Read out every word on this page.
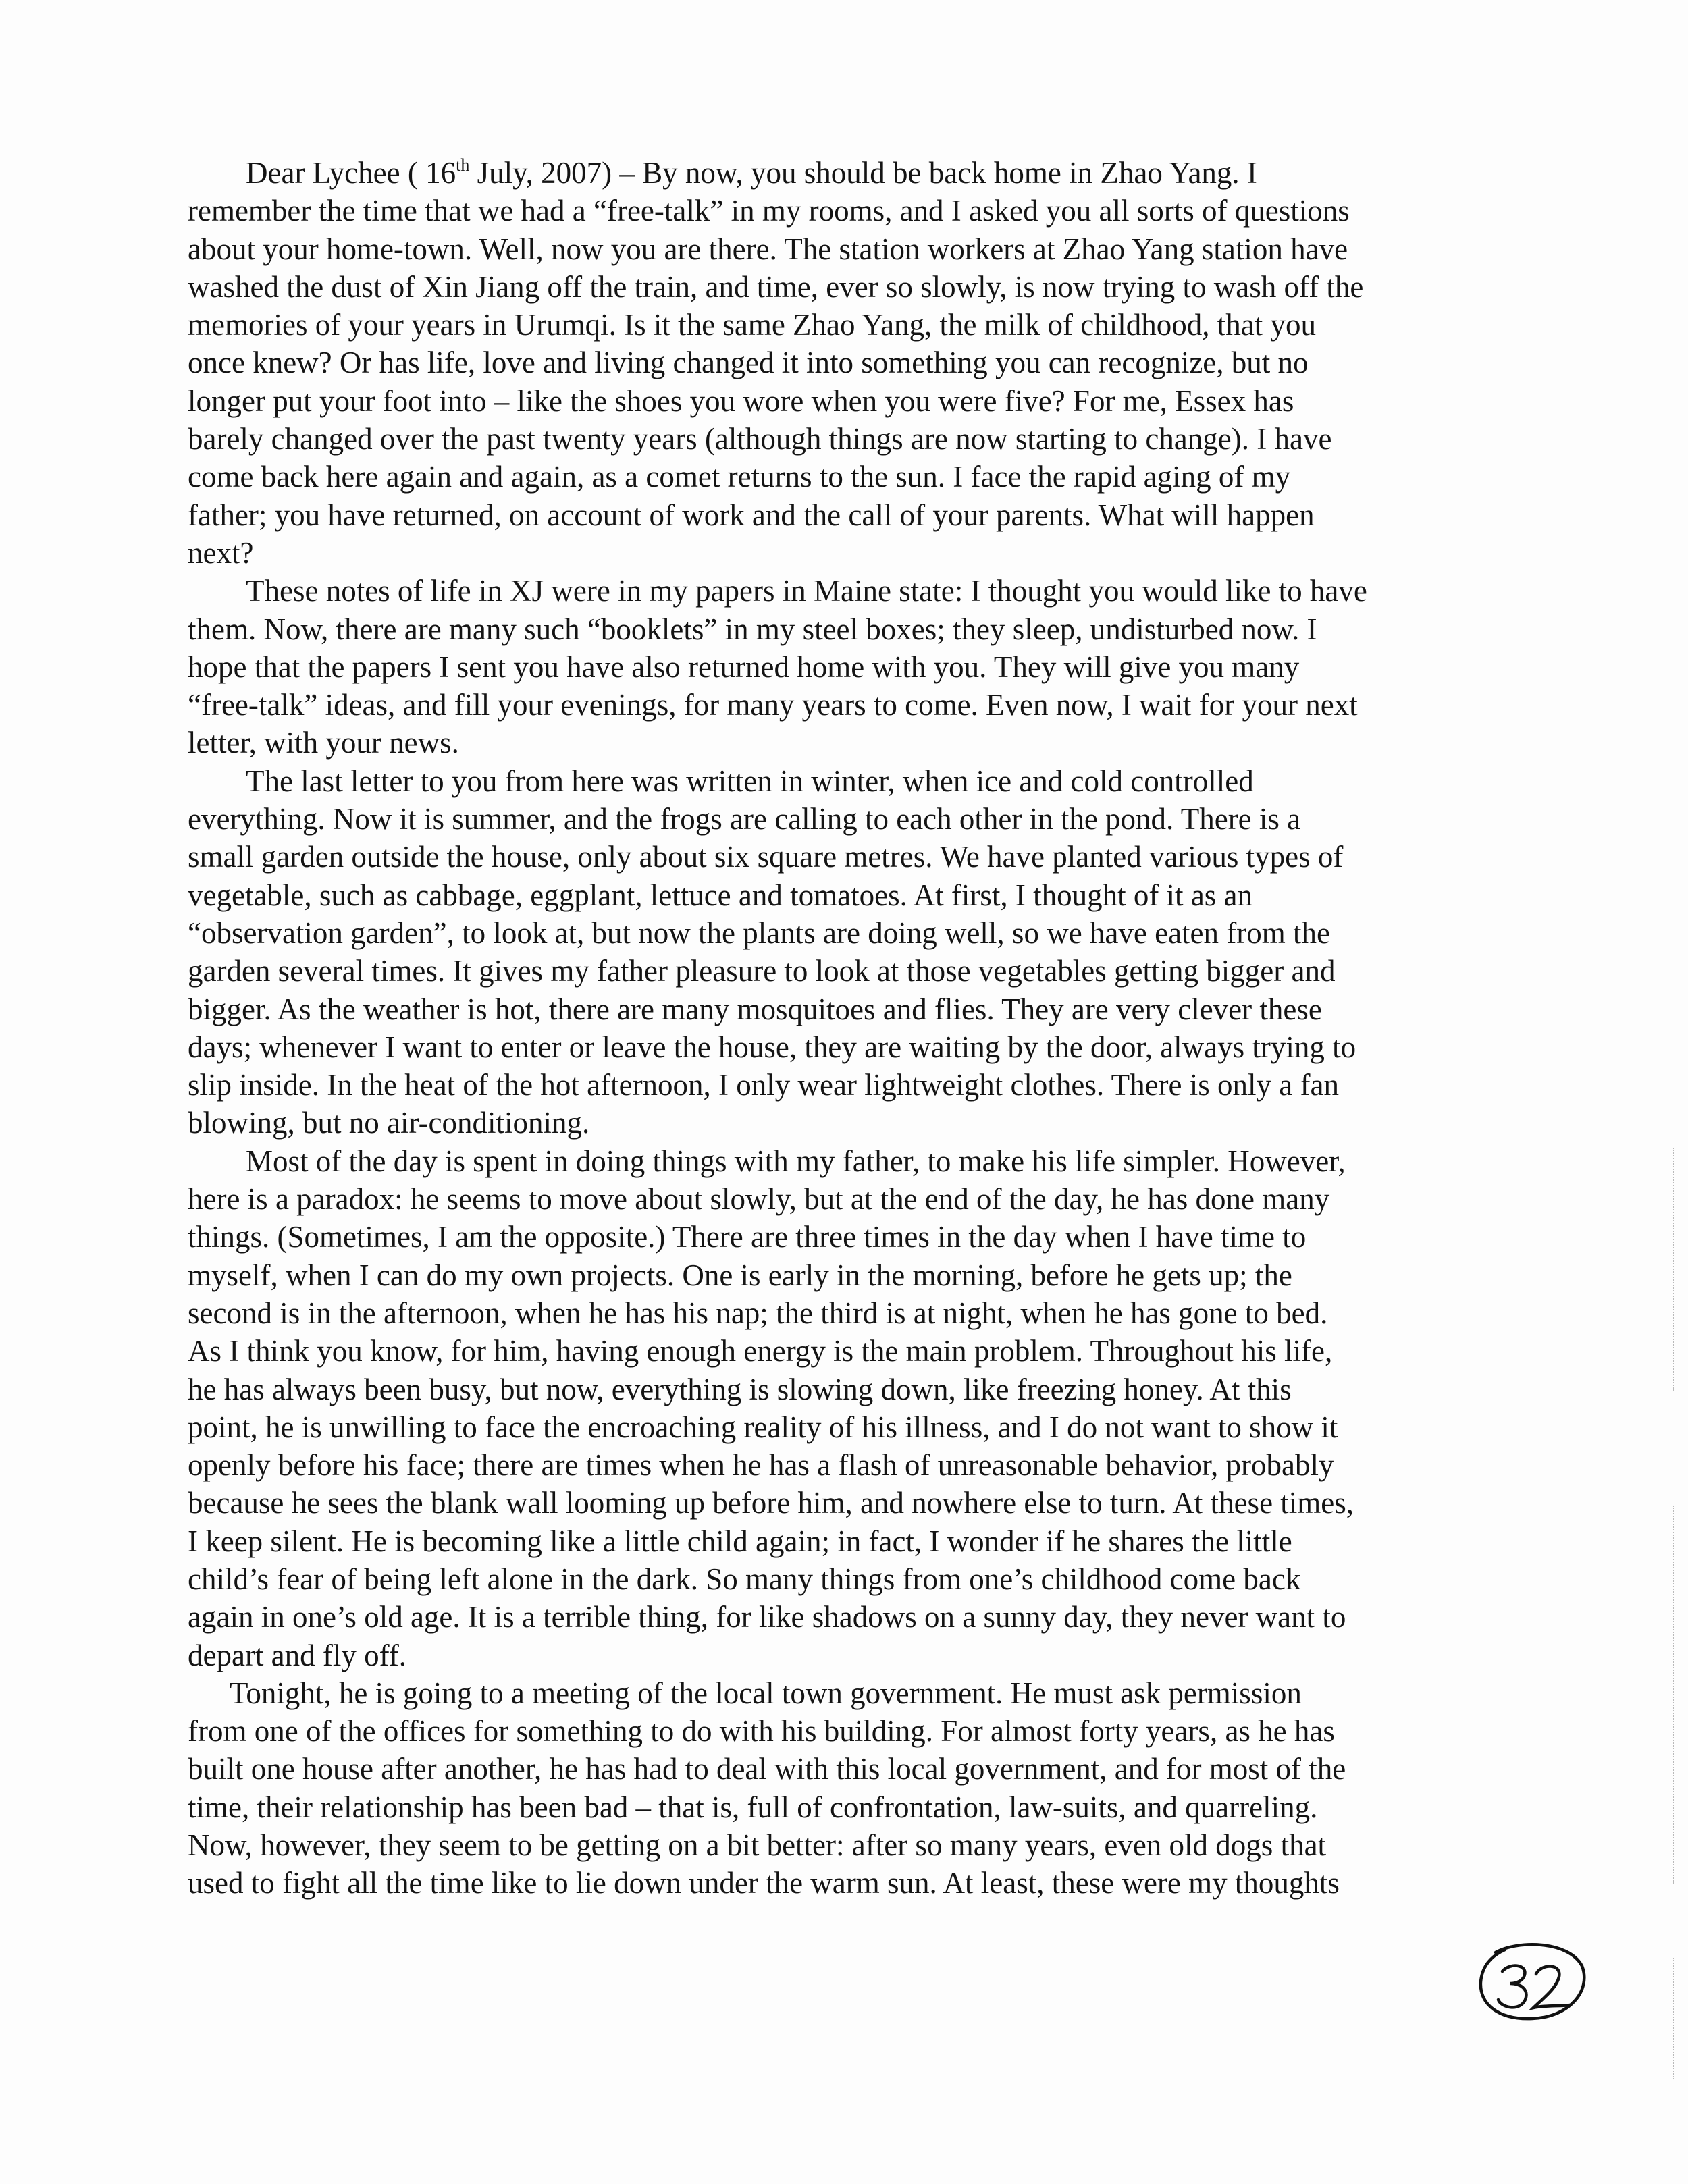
Dear Lychee ( 16th July, 2007) – By now, you should be back home in Zhao Yang. I
remember the time that we had a “free-talk” in my rooms, and I asked you all sorts of questions
about your home-town. Well, now you are there. The station workers at Zhao Yang station have
washed the dust of Xin Jiang off the train, and time, ever so slowly, is now trying to wash off the
memories of your years in Urumqi. Is it the same Zhao Yang, the milk of childhood, that you
once knew? Or has life, love and living changed it into something you can recognize, but no
longer put your foot into – like the shoes you wore when you were five? For me, Essex has
barely changed over the past twenty years (although things are now starting to change). I have
come back here again and again, as a comet returns to the sun. I face the rapid aging of my
father; you have returned, on account of work and the call of your parents. What will happen
next?
These notes of life in XJ were in my papers in Maine state: I thought you would like to have
them. Now, there are many such “booklets” in my steel boxes; they sleep, undisturbed now. I
hope that the papers I sent you have also returned home with you. They will give you many
“free-talk” ideas, and fill your evenings, for many years to come. Even now, I wait for your next
letter, with your news.
The last letter to you from here was written in winter, when ice and cold controlled
everything. Now it is summer, and the frogs are calling to each other in the pond. There is a
small garden outside the house, only about six square metres. We have planted various types of
vegetable, such as cabbage, eggplant, lettuce and tomatoes. At first, I thought of it as an
“observation garden”, to look at, but now the plants are doing well, so we have eaten from the
garden several times. It gives my father pleasure to look at those vegetables getting bigger and
bigger. As the weather is hot, there are many mosquitoes and flies. They are very clever these
days; whenever I want to enter or leave the house, they are waiting by the door, always trying to
slip inside. In the heat of the hot afternoon, I only wear lightweight clothes. There is only a fan
blowing, but no air-conditioning.
Most of the day is spent in doing things with my father, to make his life simpler. However,
here is a paradox: he seems to move about slowly, but at the end of the day, he has done many
things. (Sometimes, I am the opposite.) There are three times in the day when I have time to
myself, when I can do my own projects. One is early in the morning, before he gets up; the
second is in the afternoon, when he has his nap; the third is at night, when he has gone to bed.
As I think you know, for him, having enough energy is the main problem. Throughout his life,
he has always been busy, but now, everything is slowing down, like freezing honey. At this
point, he is unwilling to face the encroaching reality of his illness, and I do not want to show it
openly before his face; there are times when he has a flash of unreasonable behavior, probably
because he sees the blank wall looming up before him, and nowhere else to turn. At these times,
I keep silent. He is becoming like a little child again; in fact, I wonder if he shares the little
child’s fear of being left alone in the dark. So many things from one’s childhood come back
again in one’s old age. It is a terrible thing, for like shadows on a sunny day, they never want to
depart and fly off.
Tonight, he is going to a meeting of the local town government. He must ask permission
from one of the offices for something to do with his building. For almost forty years, as he has
built one house after another, he has had to deal with this local government, and for most of the
time, their relationship has been bad – that is, full of confrontation, law-suits, and quarreling.
Now, however, they seem to be getting on a bit better: after so many years, even old dogs that
used to fight all the time like to lie down under the warm sun. At least, these were my thoughts
